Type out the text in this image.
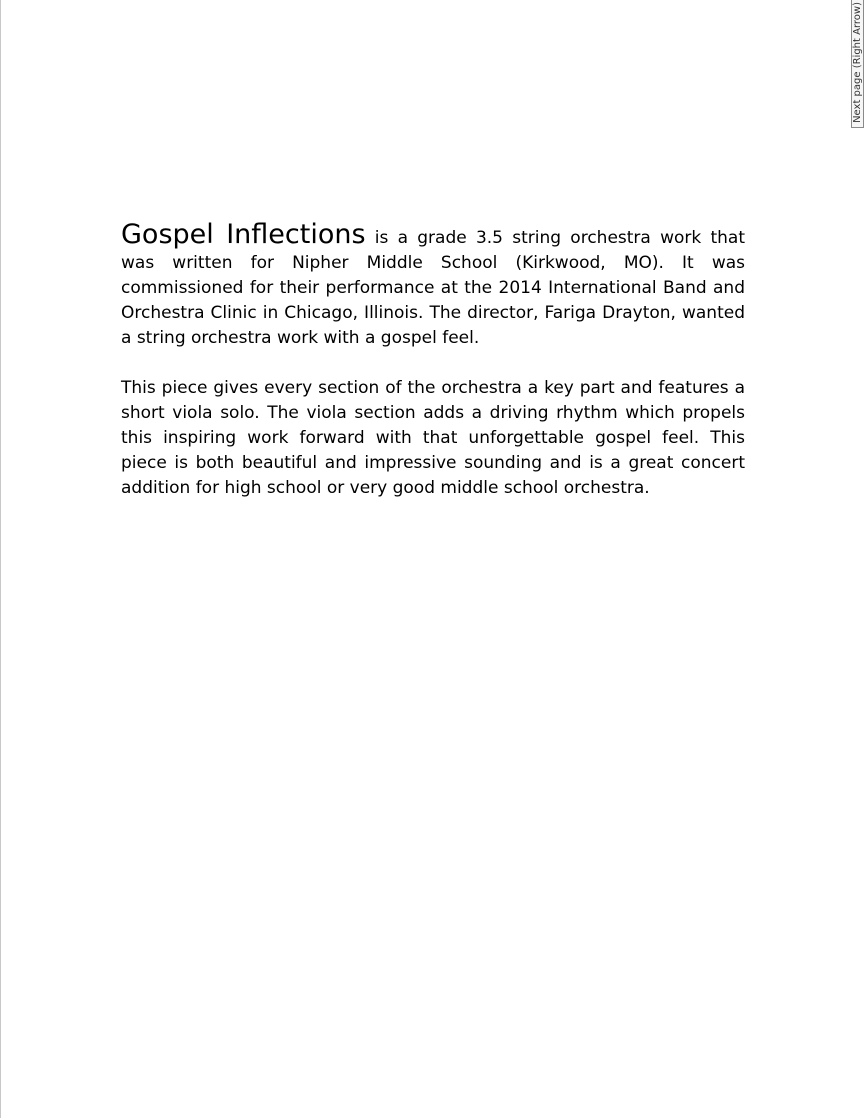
Next page (Right Arrow)

Gospel Inflections is a grade 3.5 string orchestra work that was written for Nipher Middle School (Kirkwood, MO). It was commissioned for their performance at the 2014 International Band and Orchestra Clinic in Chicago, Illinois. The director, Fariga Drayton, wanted a string orchestra work with a gospel feel.

This piece gives every section of the orchestra a key part and features a short viola solo. The viola section adds a driving rhythm which propels this inspiring work forward with that unforgettable gospel feel. This piece is both beautiful and impressive sounding and is a great concert addition for high school or very good middle school orchestra.
